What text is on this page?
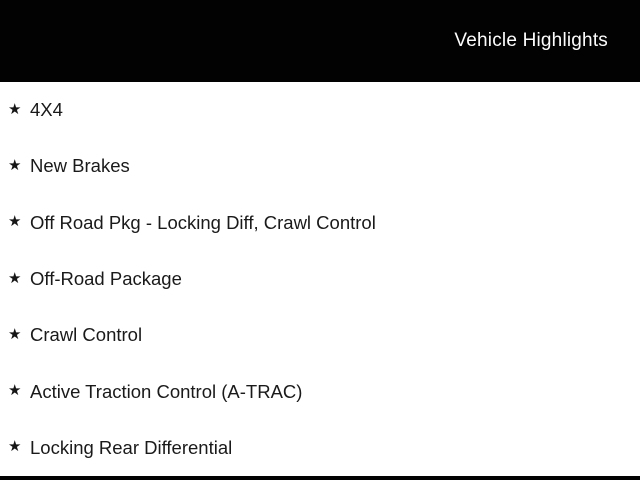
Vehicle Highlights
★ 4X4
★ New Brakes
★ Off Road Pkg - Locking Diff, Crawl Control
★ Off-Road Package
★ Crawl Control
★ Active Traction Control (A-TRAC)
★ Locking Rear Differential
